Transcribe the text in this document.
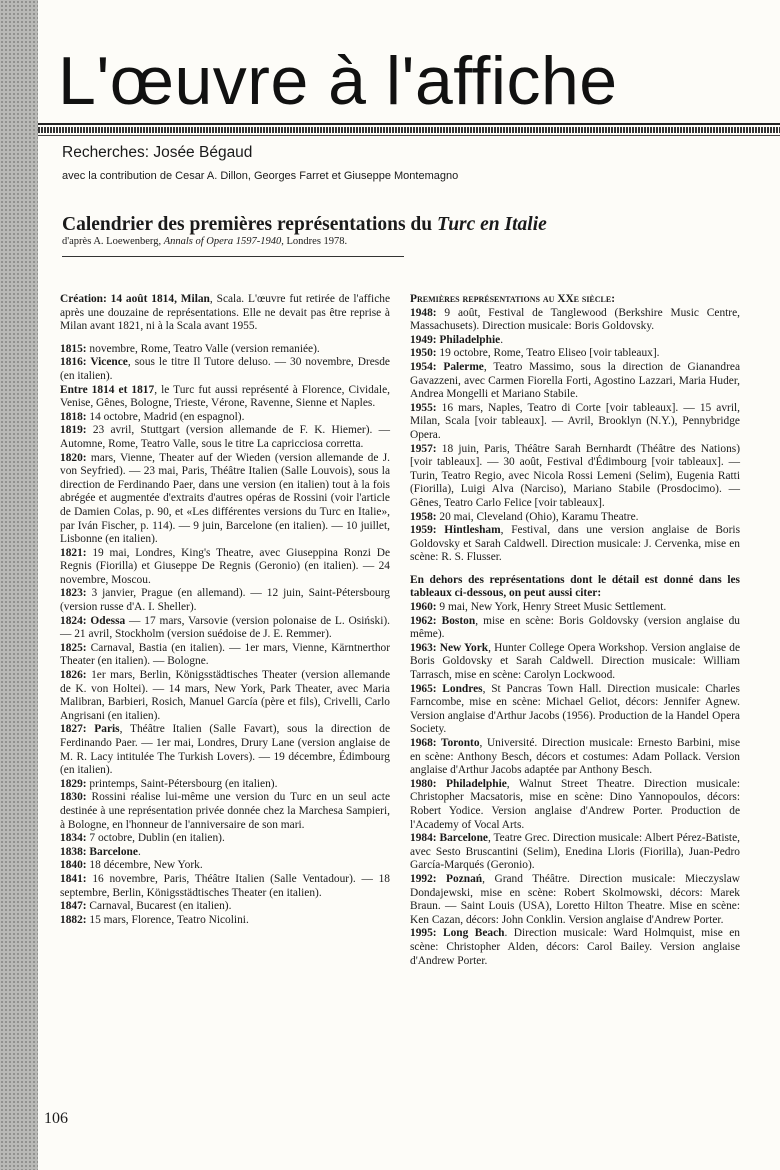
L'œuvre à l'affiche
Recherches: Josée Bégaud
avec la contribution de Cesar A. Dillon, Georges Farret et Giuseppe Montemagno
Calendrier des premières représentations du Turc en Italie
d'après A. Loewenberg, Annals of Opera 1597-1940, Londres 1978.

Création: 14 août 1814, Milan, Scala. L'œuvre fut retirée de l'affiche après une douzaine de représentations. Elle ne devait pas être reprise à Milan avant 1821, ni à la Scala avant 1955.

1815: novembre, Rome, Teatro Valle (version remaniée).

1816: Vicence, sous le titre Il Tutore deluso. — 30 novembre, Dresde (en italien).

Entre 1814 et 1817, le Turc fut aussi représenté à Florence, Cividale, Venise, Gênes, Bologne, Trieste, Vérone, Ravenne, Sienne et Naples.

1818: 14 octobre, Madrid (en espagnol).

1819: 23 avril, Stuttgart (version allemande de F. K. Hiemer). — Automne, Rome, Teatro Valle, sous le titre La capricciosa corretta.

1820: mars, Vienne, Theater auf der Wieden (version allemande de J. von Seyfried). — 23 mai, Paris, Théâtre Italien (Salle Louvois), sous la direction de Ferdinando Paer, dans une version (en italien) tout à la fois abrégée et augmentée d'extraits d'autres opéras de Rossini (voir l'article de Damien Colas, p. 90, et «Les différentes versions du Turc en Italie», par Iván Fischer, p. 114). — 9 juin, Barcelone (en italien). — 10 juillet, Lisbonne (en italien).

1821: 19 mai, Londres, King's Theatre, avec Giuseppina Ronzi De Regnis (Fiorilla) et Giuseppe De Regnis (Geronio) (en italien). — 24 novembre, Moscou.

1823: 3 janvier, Prague (en allemand). — 12 juin, Saint-Pétersbourg (version russe d'A. I. Sheller).

1824: Odessa — 17 mars, Varsovie (version polonaise de L. Osiński). — 21 avril, Stockholm (version suédoise de J. E. Remmer).

1825: Carnaval, Bastia (en italien). — 1er mars, Vienne, Kärntnerthor Theater (en italien). — Bologne.

1826: 1er mars, Berlin, Königsstädtisches Theater (version allemande de K. von Holtei). — 14 mars, New York, Park Theater, avec Maria Malibran, Barbieri, Rosich, Manuel García (père et fils), Crivelli, Carlo Angrisani (en italien).

1827: Paris, Théâtre Italien (Salle Favart), sous la direction de Ferdinando Paer. — 1er mai, Londres, Drury Lane (version anglaise de M. R. Lacy intitulée The Turkish Lovers). — 19 décembre, Édimbourg (en italien).

1829: printemps, Saint-Pétersbourg (en italien).

1830: Rossini réalise lui-même une version du Turc en un seul acte destinée à une représentation privée donnée chez la Marchesa Sampieri, à Bologne, en l'honneur de l'anniversaire de son mari.

1834: 7 octobre, Dublin (en italien).

1838: Barcelone.

1840: 18 décembre, New York.

1841: 16 novembre, Paris, Théâtre Italien (Salle Ventadour). — 18 septembre, Berlin, Königsstädtisches Theater (en italien).

1847: Carnaval, Bucarest (en italien).

1882: 15 mars, Florence, Teatro Nicolini.

Premières représentations au XXe siècle:

1948: 9 août, Festival de Tanglewood (Berkshire Music Centre, Massachusets). Direction musicale: Boris Goldovsky.

1949: Philadelphie.

1950: 19 octobre, Rome, Teatro Eliseo [voir tableaux].

1954: Palerme, Teatro Massimo, sous la direction de Gianandrea Gavazzeni, avec Carmen Fiorella Forti, Agostino Lazzari, Maria Huder, Andrea Mongelli et Mariano Stabile.

1955: 16 mars, Naples, Teatro di Corte [voir tableaux]. — 15 avril, Milan, Scala [voir tableaux]. — Avril, Brooklyn (N.Y.), Pennybridge Opera.

1957: 18 juin, Paris, Théâtre Sarah Bernhardt (Théâtre des Nations) [voir tableaux]. — 30 août, Festival d'Édimbourg [voir tableaux]. — Turin, Teatro Regio, avec Nicola Rossi Lemeni (Selim), Eugenia Ratti (Fiorilla), Luigi Alva (Narciso), Mariano Stabile (Prosdocimo). — Gênes, Teatro Carlo Felice [voir tableaux].

1958: 20 mai, Cleveland (Ohio), Karamu Theatre.

1959: Hintlesham, Festival, dans une version anglaise de Boris Goldovsky et Sarah Caldwell. Direction musicale: J. Cervenka, mise en scène: R. S. Flusser.

En dehors des représentations dont le détail est donné dans les tableaux ci-dessous, on peut aussi citer:

1960: 9 mai, New York, Henry Street Music Settlement.

1962: Boston, mise en scène: Boris Goldovsky (version anglaise du même).

1963: New York, Hunter College Opera Workshop. Version anglaise de Boris Goldovsky et Sarah Caldwell. Direction musicale: William Tarrasch, mise en scène: Carolyn Lockwood.

1965: Londres, St Pancras Town Hall. Direction musicale: Charles Farncombe, mise en scène: Michael Geliot, décors: Jennifer Agnew. Version anglaise d'Arthur Jacobs (1956). Production de la Handel Opera Society.

1968: Toronto, Université. Direction musicale: Ernesto Barbini, mise en scène: Anthony Besch, décors et costumes: Adam Pollack. Version anglaise d'Arthur Jacobs adaptée par Anthony Besch.

1980: Philadelphie, Walnut Street Theatre. Direction musicale: Christopher Macsatoris, mise en scène: Dino Yannopoulos, décors: Robert Yodice. Version anglaise d'Andrew Porter. Production de l'Academy of Vocal Arts.

1984: Barcelone, Teatre Grec. Direction musicale: Albert Pérez-Batiste, avec Sesto Bruscantini (Selim), Enedina Lloris (Fiorilla), Juan-Pedro García-Marqués (Geronio).

1992: Poznań, Grand Théâtre. Direction musicale: Mieczyslaw Dondajewski, mise en scène: Robert Skolmowski, décors: Marek Braun. — Saint Louis (USA), Loretto Hilton Theatre. Mise en scène: Ken Cazan, décors: John Conklin. Version anglaise d'Andrew Porter.

1995: Long Beach. Direction musicale: Ward Holmquist, mise en scène: Christopher Alden, décors: Carol Bailey. Version anglaise d'Andrew Porter.

106
